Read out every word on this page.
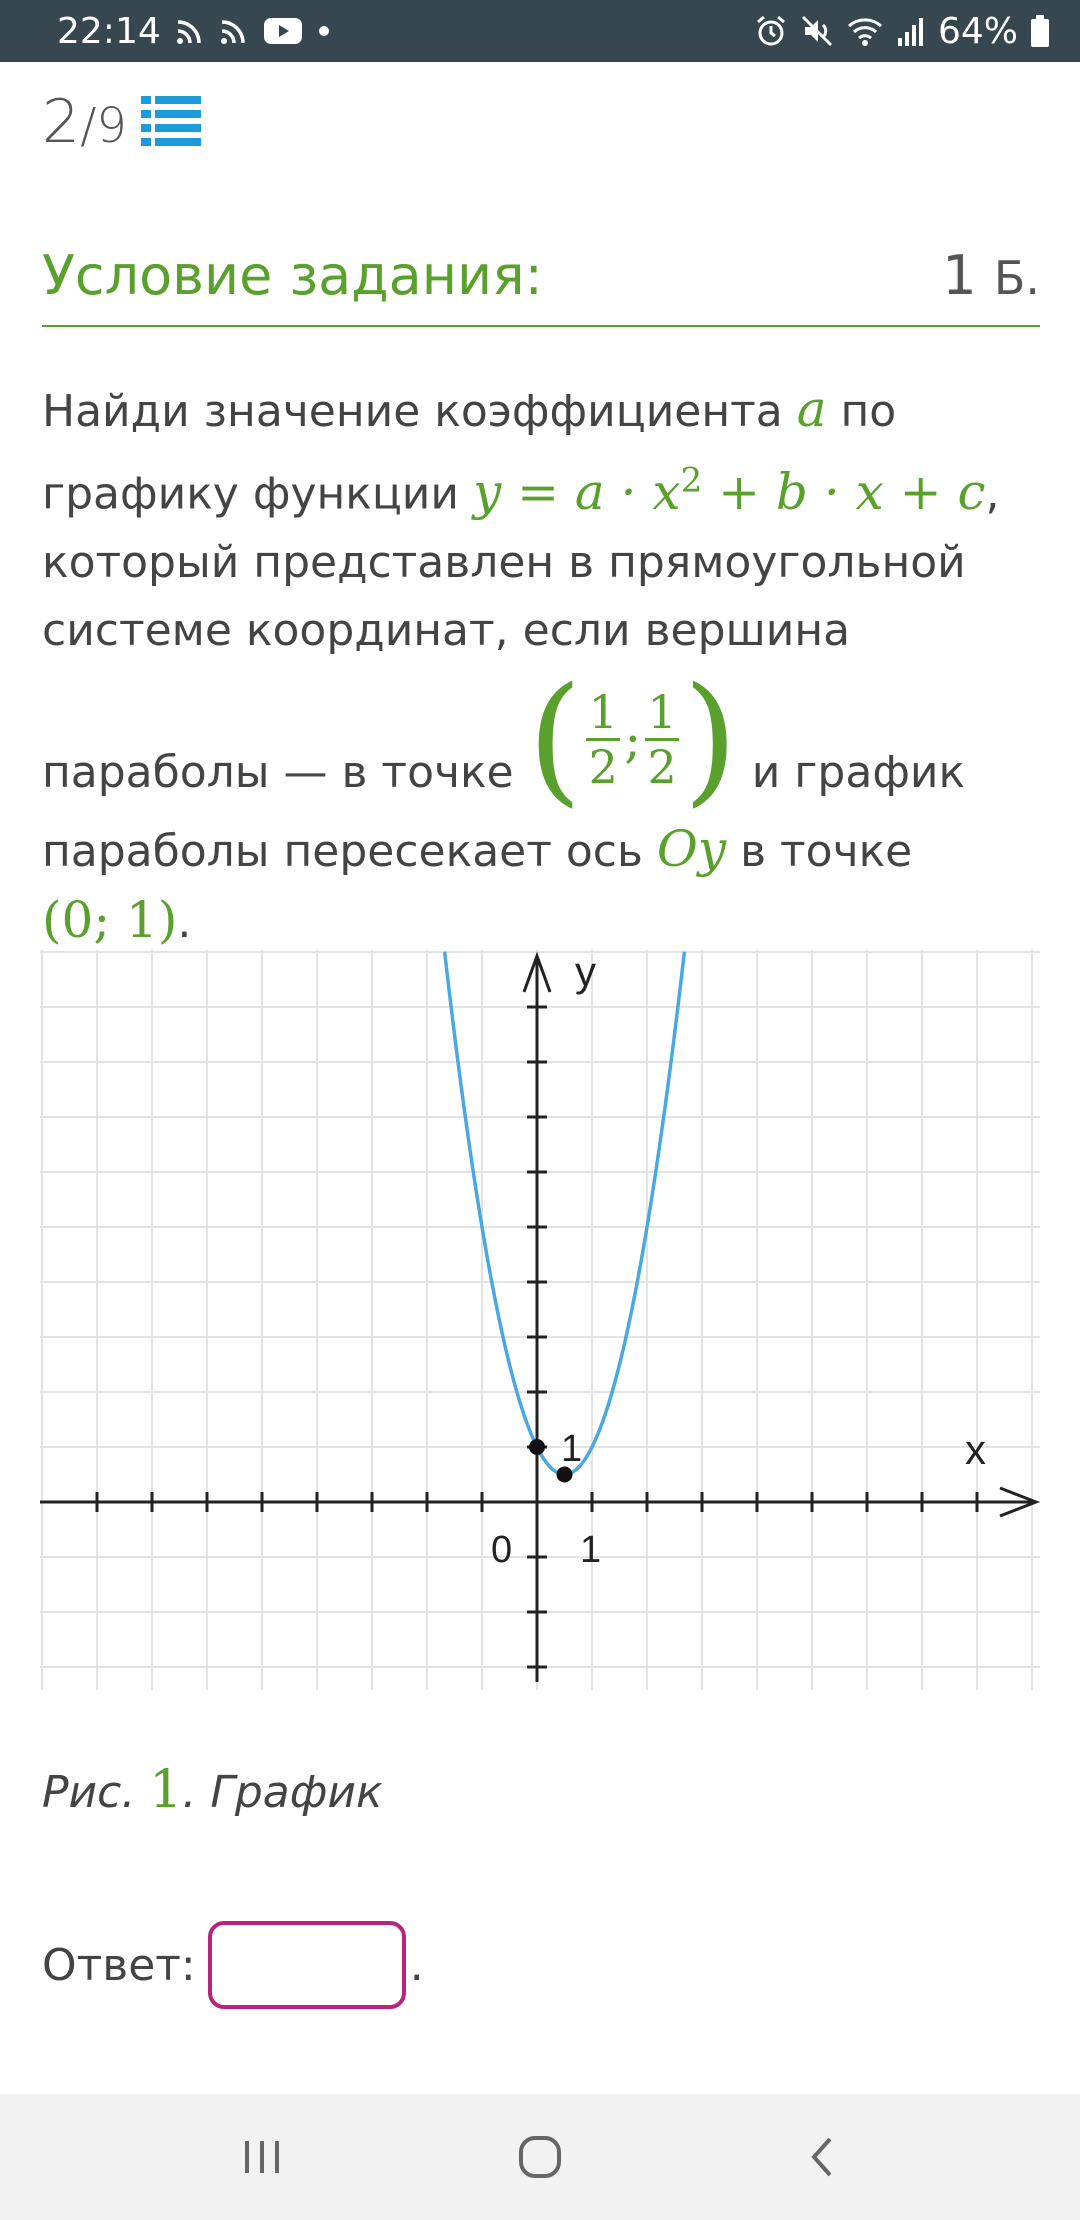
22:14	64%
2/9
Условие задания:	1 Б.
Найди значение коэффициента a по графику функции $y = a \cdot x^2 + b \cdot x + c$, который представлен в прямоугольной системе координат, если вершина параболы — в точке ( $\frac{1}{2}$ ; $\frac{1}{2}$ ) и график параболы пересекает ось Oy в точке
(0; 1).
y
x
0 1
1
Рис. 1. График
Ответ:	.
